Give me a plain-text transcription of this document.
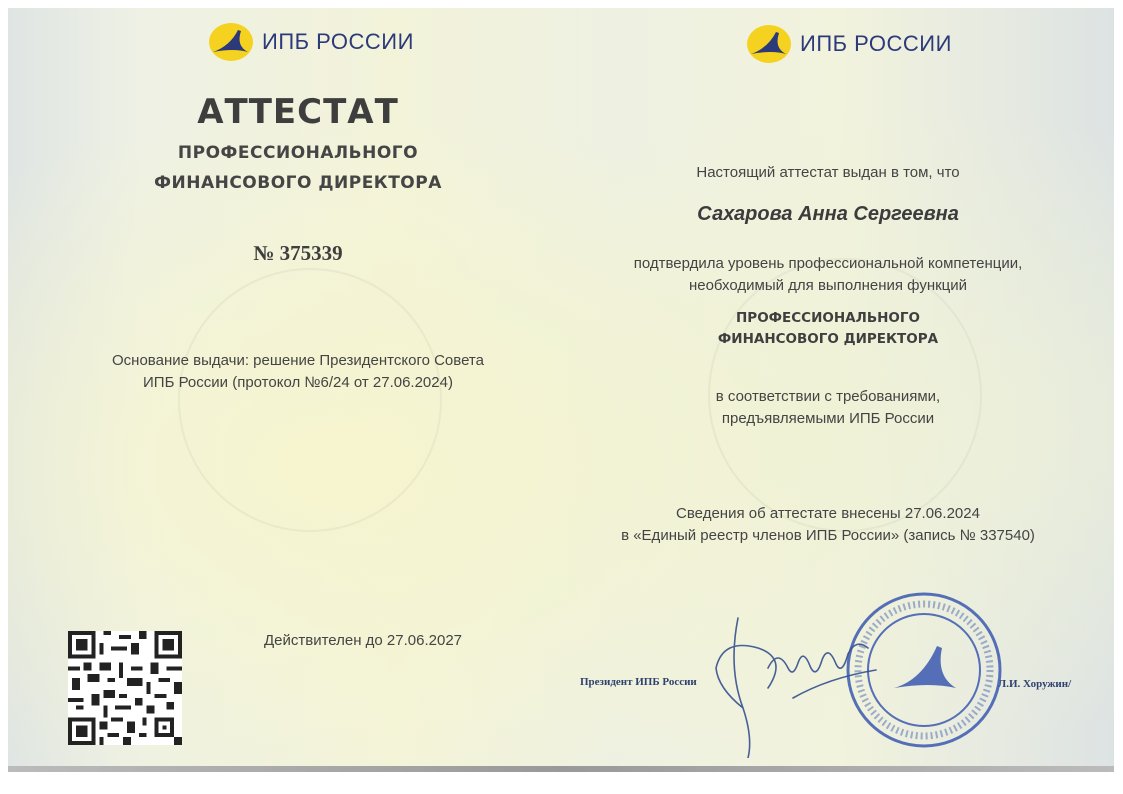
ИПБ РОССИИ	ИПБ РОССИИ
АТТЕСТАТ
ПРОФЕССИОНАЛЬНОГО
ФИНАНСОВОГО ДИРЕКТОРА
№ 375339
Основание выдачи: решение Президентского Совета
ИПБ России (протокол №6/24 от 27.06.2024)
Действителен до 27.06.2027
Настоящий аттестат выдан в том, что
Сахарова Анна Сергеевна
подтвердила уровень профессиональной компетенции,
необходимый для выполнения функций
ПРОФЕССИОНАЛЬНОГО
ФИНАНСОВОГО ДИРЕКТОРА
в соответствии с требованиями,
предъявляемыми ИПБ России
Сведения об аттестате внесены 27.06.2024
в «Единый реестр членов ИПБ России» (запись № 337540)
Президент ИПБ России	Л.И. Хоружин/
